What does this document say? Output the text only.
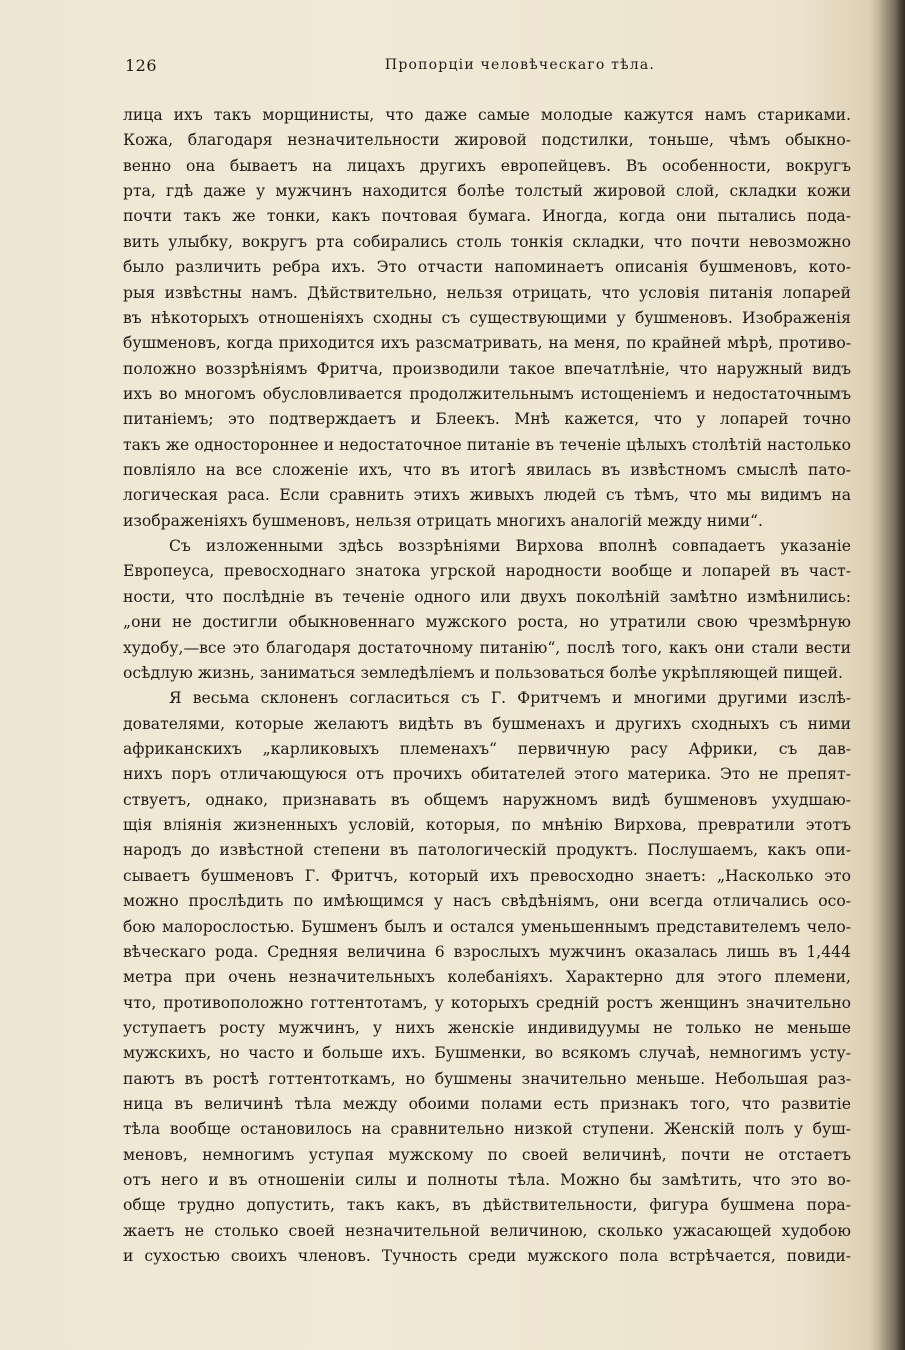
126	Пропорціи человѣческаго тѣла.
лица ихъ такъ морщинисты, что даже самые молодые кажутся намъ стариками.
Кожа, благодаря незначительности жировой подстилки, тоньше, чѣмъ обыкно-
венно она бываетъ на лицахъ другихъ европейцевъ. Въ особенности, вокругъ
рта, гдѣ даже у мужчинъ находится болѣе толстый жировой слой, складки кожи
почти такъ же тонки, какъ почтовая бумага. Иногда, когда они пытались пода-
вить улыбку, вокругъ рта собирались столь тонкія складки, что почти невозможно
было различить ребра ихъ. Это отчасти напоминаетъ описанія бушменовъ, кото-
рыя извѣстны намъ. Дѣйствительно, нельзя отрицать, что условія питанія лопарей
въ нѣкоторыхъ отношеніяхъ сходны съ существующими у бушменовъ. Изображенія
бушменовъ, когда приходится ихъ разсматривать, на меня, по крайней мѣрѣ, противо-
положно воззрѣніямъ Фритча, производили такое впечатлѣніе, что наружный видъ
ихъ во многомъ обусловливается продолжительнымъ истощеніемъ и недостаточнымъ
питаніемъ; это подтверждаетъ и Блеекъ. Мнѣ кажется, что у лопарей точно
такъ же одностороннее и недостаточное питаніе въ теченіе цѣлыхъ столѣтій настолько
повліяло на все сложеніе ихъ, что въ итогѣ явилась въ извѣстномъ смыслѣ пато-
логическая раса. Если сравнить этихъ живыхъ людей съ тѣмъ, что мы видимъ на
изображеніяхъ бушменовъ, нельзя отрицать многихъ аналогій между ними“.
Съ изложенными здѣсь воззрѣніями Вирхова вполнѣ совпадаетъ указаніе
Европеуса, превосходнаго знатока угрской народности вообще и лопарей въ част-
ности, что послѣдніе въ теченіе одного или двухъ поколѣній замѣтно измѣнились:
„они не достигли обыкновеннаго мужского роста, но утратили свою чрезмѣрную
худобу,—все это благодаря достаточному питанію“, послѣ того, какъ они стали вести
осѣдлую жизнь, заниматься земледѣліемъ и пользоваться болѣе укрѣпляющей пищей.
Я весьма склоненъ согласиться съ Г. Фритчемъ и многими другими изслѣ-
дователями, которые желаютъ видѣть въ бушменахъ и другихъ сходныхъ съ ними
африканскихъ „карликовыхъ племенахъ“ первичную расу Африки, съ дав-
нихъ поръ отличающуюся отъ прочихъ обитателей этого материка. Это не препят-
ствуетъ, однако, признавать въ общемъ наружномъ видѣ бушменовъ ухудшаю-
щія вліянія жизненныхъ условій, которыя, по мнѣнію Вирхова, превратили этотъ
народъ до извѣстной степени въ патологическій продуктъ. Послушаемъ, какъ опи-
сываетъ бушменовъ Г. Фритчъ, который ихъ превосходно знаетъ: „Насколько это
можно прослѣдить по имѣющимся у насъ свѣдѣніямъ, они всегда отличались осо-
бою малорослостью. Бушменъ былъ и остался уменьшеннымъ представителемъ чело-
вѣческаго рода. Средняя величина 6 взрослыхъ мужчинъ оказалась лишь въ 1,444
метра при очень незначительныхъ колебаніяхъ. Характерно для этого племени,
что, противоположно готтентотамъ, у которыхъ средній ростъ женщинъ значительно
уступаетъ росту мужчинъ, у нихъ женскіе индивидуумы не только не меньше
мужскихъ, но часто и больше ихъ. Бушменки, во всякомъ случаѣ, немногимъ усту-
паютъ въ ростѣ готтентоткамъ, но бушмены значительно меньше. Небольшая раз-
ница въ величинѣ тѣла между обоими полами есть признакъ того, что развитіе
тѣла вообще остановилось на сравнительно низкой ступени. Женскій полъ у буш-
меновъ, немногимъ уступая мужскому по своей величинѣ, почти не отстаетъ
отъ него и въ отношеніи силы и полноты тѣла. Можно бы замѣтить, что это во-
обще трудно допустить, такъ какъ, въ дѣйствительности, фигура бушмена пора-
жаетъ не столько своей незначительной величиною, сколько ужасающей худобою
и сухостью своихъ членовъ. Тучность среди мужского пола встрѣчается, повиди-
